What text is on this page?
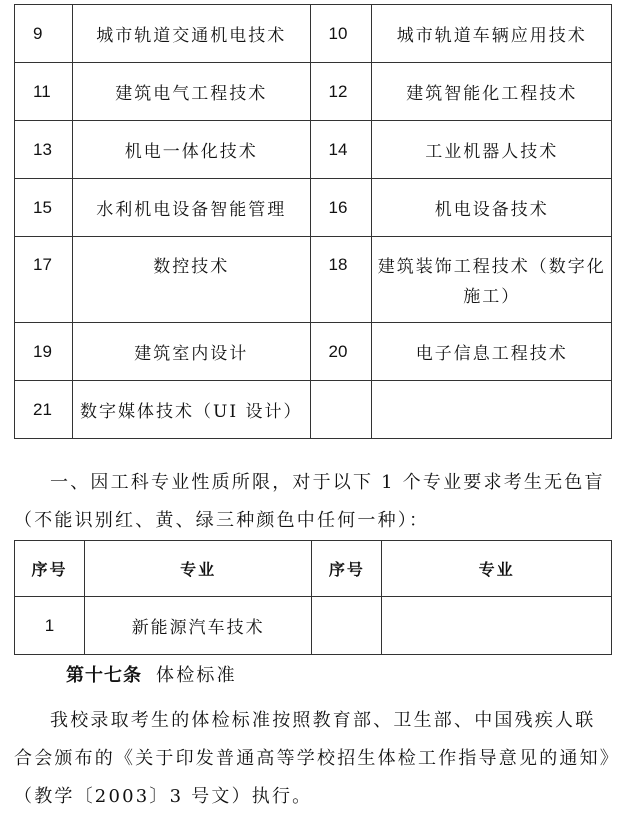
9	城市轨道交通机电技术	10	城市轨道车辆应用技术
11	建筑电气工程技术	12	建筑智能化工程技术
13	机电一体化技术	14	工业机器人技术
15	水利机电设备智能管理	16	机电设备技术
17	数控技术	18	建筑装饰工程技术（数字化施工）
19	建筑室内设计	20	电子信息工程技术
21	数字媒体技术（UI 设计）		

一、因工科专业性质所限，对于以下 1 个专业要求考生无色盲（不能识别红、黄、绿三种颜色中任何一种）：

序号	专业	序号	专业
1	新能源汽车技术		

第十七条 体检标准

我校录取考生的体检标准按照教育部、卫生部、中国残疾人联合会颁布的《关于印发普通高等学校招生体检工作指导意见的通知》（教学〔2003〕3 号文）执行。
